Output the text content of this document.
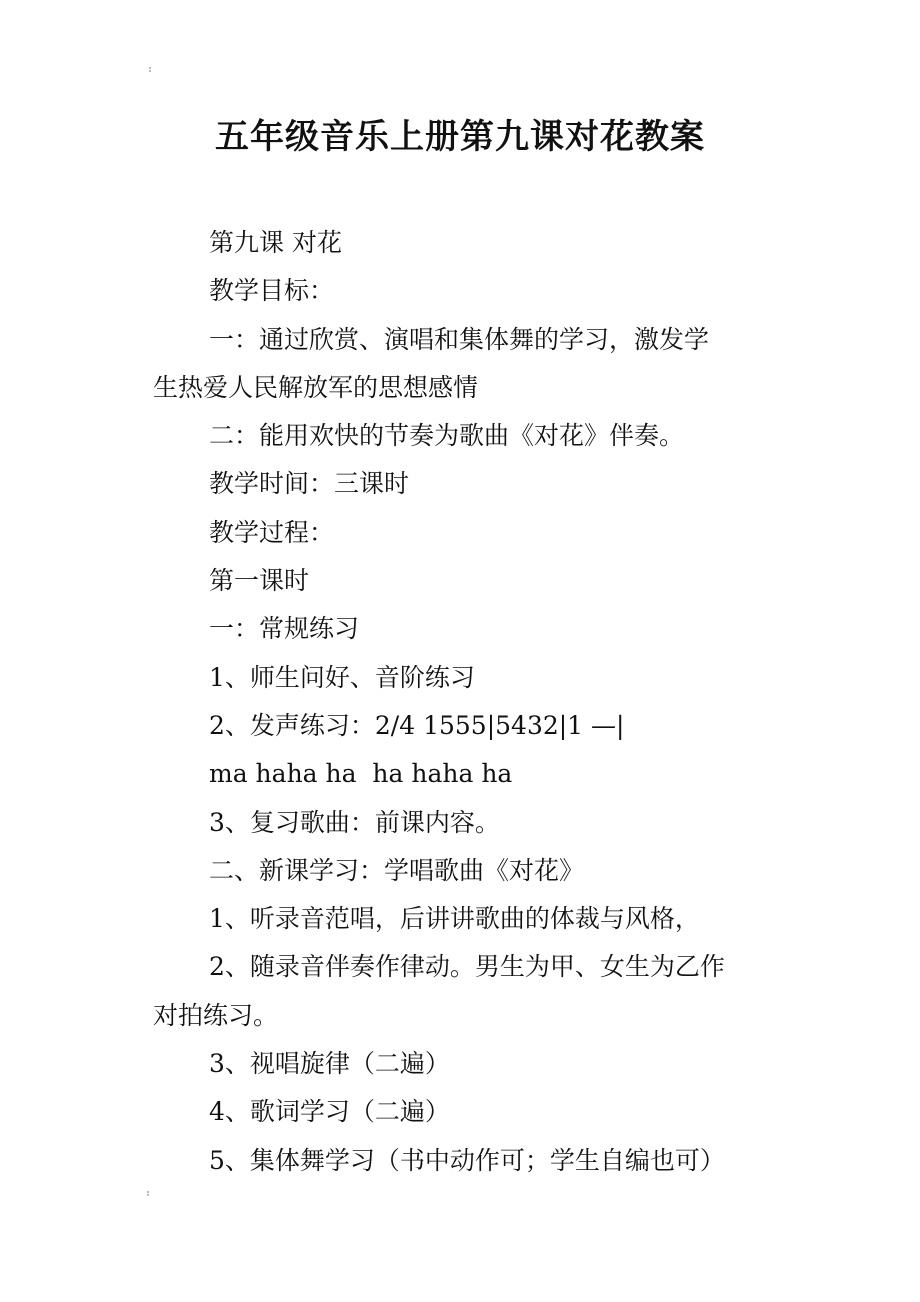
五年级音乐上册第九课对花教案

第九课 对花

教学目标：

一：通过欣赏、演唱和集体舞的学习，激发学

生热爱人民解放军的思想感情

二：能用欢快的节奏为歌曲《对花》伴奏。

教学时间：三课时

教学过程：

第一课时

一：常规练习

1、师生问好、音阶练习

2、发声练习：2/4 1555|5432|1 —|

ma haha ha  ha haha ha

3、复习歌曲：前课内容。

二、新课学习：学唱歌曲《对花》

1、听录音范唱，后讲讲歌曲的体裁与风格，

2、随录音伴奏作律动。男生为甲、女生为乙作

对拍练习。

3、视唱旋律（二遍）

4、歌词学习（二遍）

5、集体舞学习（书中动作可；学生自编也可）
